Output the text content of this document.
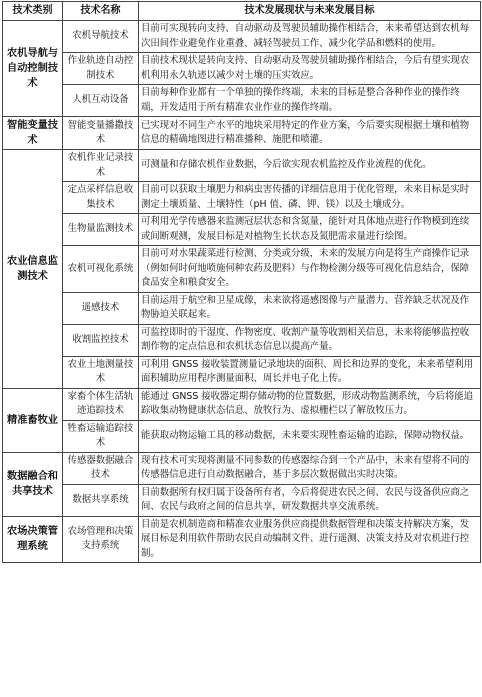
技术类别	技术名称	技术发展现状与未来发展目标
农机导航与自动控制技术	农机导航技术	目前可实现转向支持、自动驱动及驾驶员辅助操作相结合，未来希望达到农机每次田间作业避免作业重叠、减轻驾驶员工作、减少化学品和燃料的使用。
	作业轨迹自动控制技术	目前技术现状是转向支持、自动驱动及驾驶员辅助操作相结合，今后有望实现农机利用永久轨迹以减少对土壤的压实效应。
	人机互动设备	目前每种作业都有一个单独的操作终端，未来的目标是整合各种作业的操作终端，开发适用于所有精准农业作业的操作终端。
智能变量技术	智能变量播撒技术	已实现对不同生产水平的地块采用特定的作业方案，今后要实现根据土壤和植物信息的精确地图进行精准播种、施肥和喷灌。
农业信息监测技术	农机作业记录技术	可测量和存储农机作业数据，今后欲实现农机监控及作业流程的优化。
	定点采样信息收集技术	目前可以获取土壤肥力和病虫害传播的详细信息用于优化管理，未来目标是实时测定土壤质量、土壤特性（pH 值、磷、钾、镁）以及土壤成分。
	生物量监测技术	可利用光学传感器来监测冠层状态和含氮量，能针对具体地点进行作物模到连续或间断观测，发展目标是对植物生长状态及氮肥需求量进行绘图。
	农机可视化系统	目前可对水果蔬菜进行检测、分类或分级，未来的发展方向是将生产商操作记录（例如何时何地喷施何种农药及肥料）与作物检测分级等可视化信息结合，保障食品安全和粮食安全。
	遥感技术	目前运用于航空和卫星成像，未来欲将遥感图像与产量潜力、营养缺乏状况及作物胁迫关联起来。
	收割监控技术	可监控即时的干湿度、作物密度、收割产量等收割相关信息，未来将能够监控收割作物的定点信息和农机状态信息以提高产量。
	农业土地测量技术	可利用 GNSS 接收装置测量记录地块的面积、周长和边界的变化，未来希望利用面积辅助应用程序测量面积、周长并电子化上传。
精准畜牧业	家畜个体生活轨迹追踪技术	能通过 GNSS 接收器定期存储动物的位置数据，形成动物监测系统，今后将能追踪收集动物健康状态信息、放牧行为、虚拟栅栏以了解放牧压力。
	牲畜运输追踪技术	能获取动物运输工具的移动数据，未来要实现牲畜运输的追踪，保障动物权益。
数据融合和共享技术	传感器数据融合技术	现有技术可实现将测量不同参数的传感器综合到一个产品中，未来有望将不同的传感器信息进行自动数据融合，基于多层次数据做出实时决策。
	数据共享系统	目前数据所有权归属于设备所有者，今后将促进农民之间、农民与设备供应商之间、农民与政府之间的信息共享，研发数据共享交流系统。
农场决策管理系统	农场管理和决策支持系统	目前是农机制造商和精准农业服务供应商提供数据管理和决策支持解决方案，发展目标是利用软件帮助农民自动编制文件、进行遥测、决策支持及对农机进行控制。
